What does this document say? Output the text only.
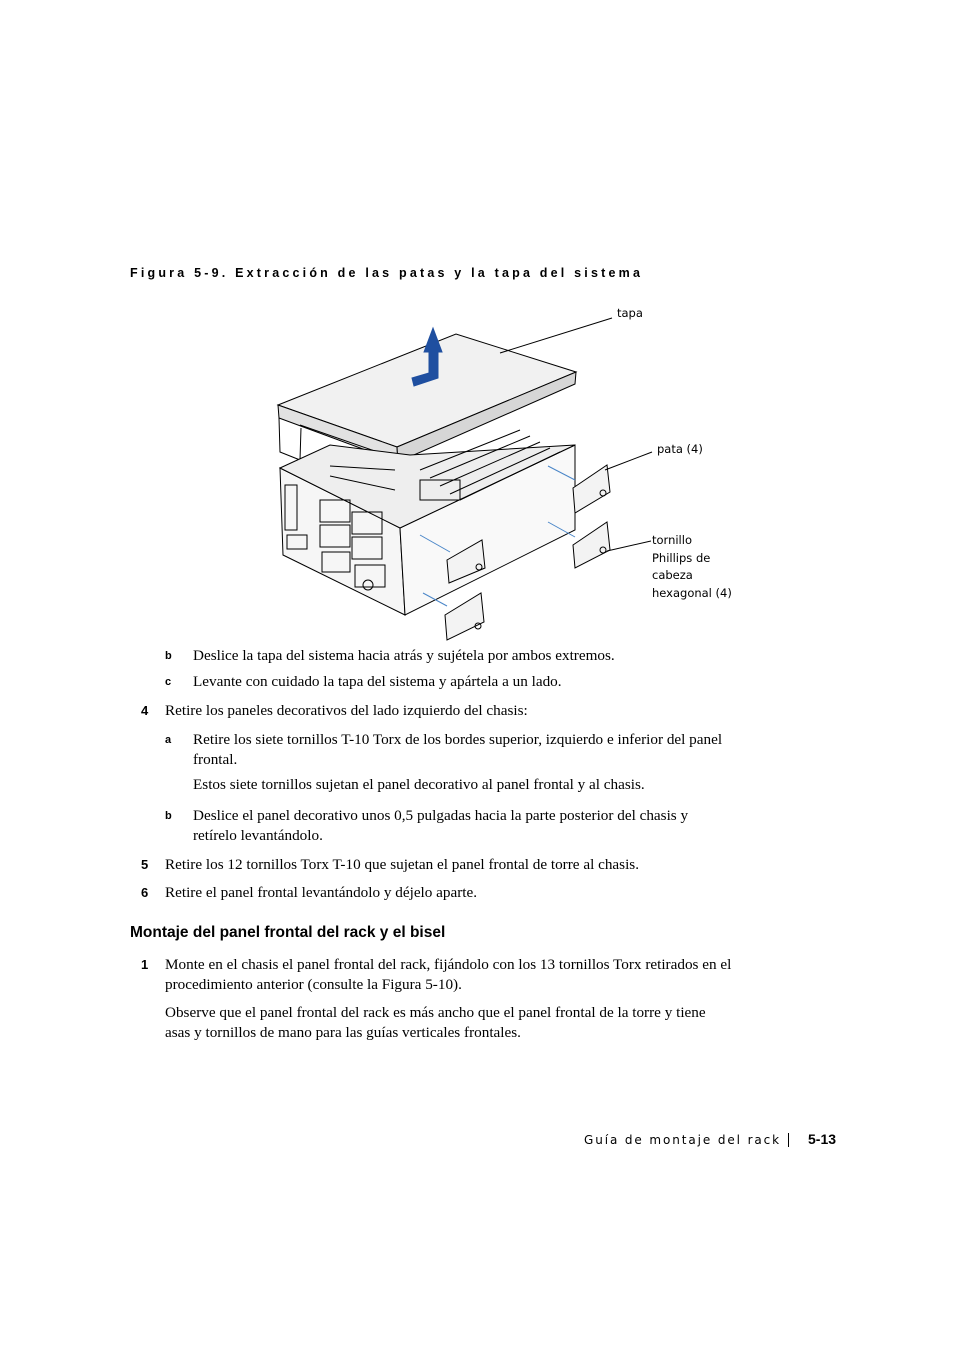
Figura 5-9. Extracción de las patas y la tapa del sistema
tapa
pata (4)
tornillo
Phillips de
cabeza
hexagonal (4)
b Deslice la tapa del sistema hacia atrás y sujétela por ambos extremos.
c Levante con cuidado la tapa del sistema y apártela a un lado.
4 Retire los paneles decorativos del lado izquierdo del chasis:
a Retire los siete tornillos T-10 Torx de los bordes superior, izquierdo e inferior del panel frontal.
Estos siete tornillos sujetan el panel decorativo al panel frontal y al chasis.
b Deslice el panel decorativo unos 0,5 pulgadas hacia la parte posterior del chasis y retírelo levantándolo.
5 Retire los 12 tornillos Torx T-10 que sujetan el panel frontal de torre al chasis.
6 Retire el panel frontal levantándolo y déjelo aparte.
Montaje del panel frontal del rack y el bisel
1 Monte en el chasis el panel frontal del rack, fijándolo con los 13 tornillos Torx retirados en el procedimiento anterior (consulte la Figura 5-10).
Observe que el panel frontal del rack es más ancho que el panel frontal de la torre y tiene asas y tornillos de mano para las guías verticales frontales.
Guía de montaje del rack 5-13
